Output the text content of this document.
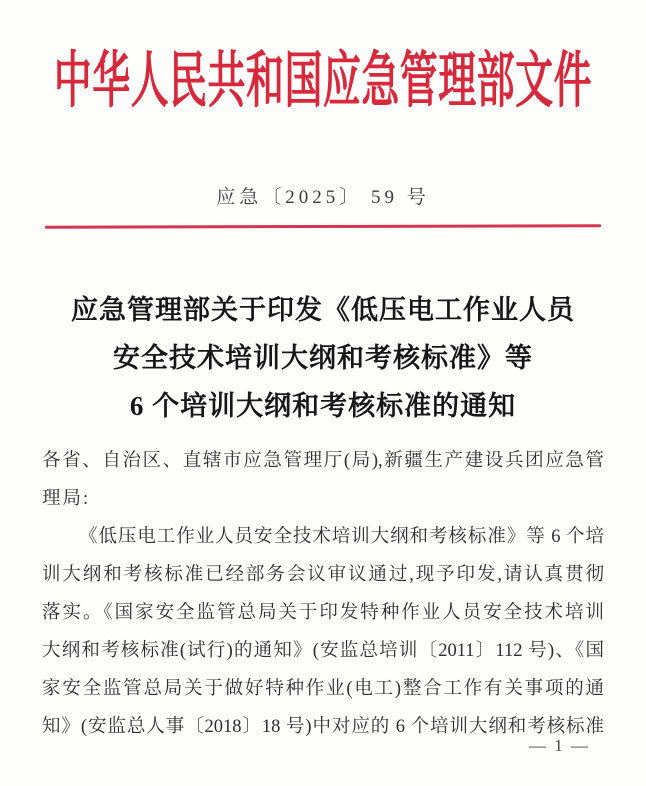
中华人民共和国应急管理部文件
应急〔2025〕 59 号
应急管理部关于印发《低压电工作业人员
安全技术培训大纲和考核标准》等
6 个培训大纲和考核标准的通知
各省、自治区、直辖市应急管理厅(局),新疆生产建设兵团应急管
理局:
《低压电工作业人员安全技术培训大纲和考核标准》等 6 个培
训大纲和考核标准已经部务会议审议通过,现予印发,请认真贯彻
落实。《国家安全监管总局关于印发特种作业人员安全技术培训
大纲和考核标准(试行)的通知》(安监总培训〔2011〕112 号)、《国
家安全监管总局关于做好特种作业(电工)整合工作有关事项的通
知》(安监总人事〔2018〕18 号)中对应的 6 个培训大纲和考核标准
— 1 —
